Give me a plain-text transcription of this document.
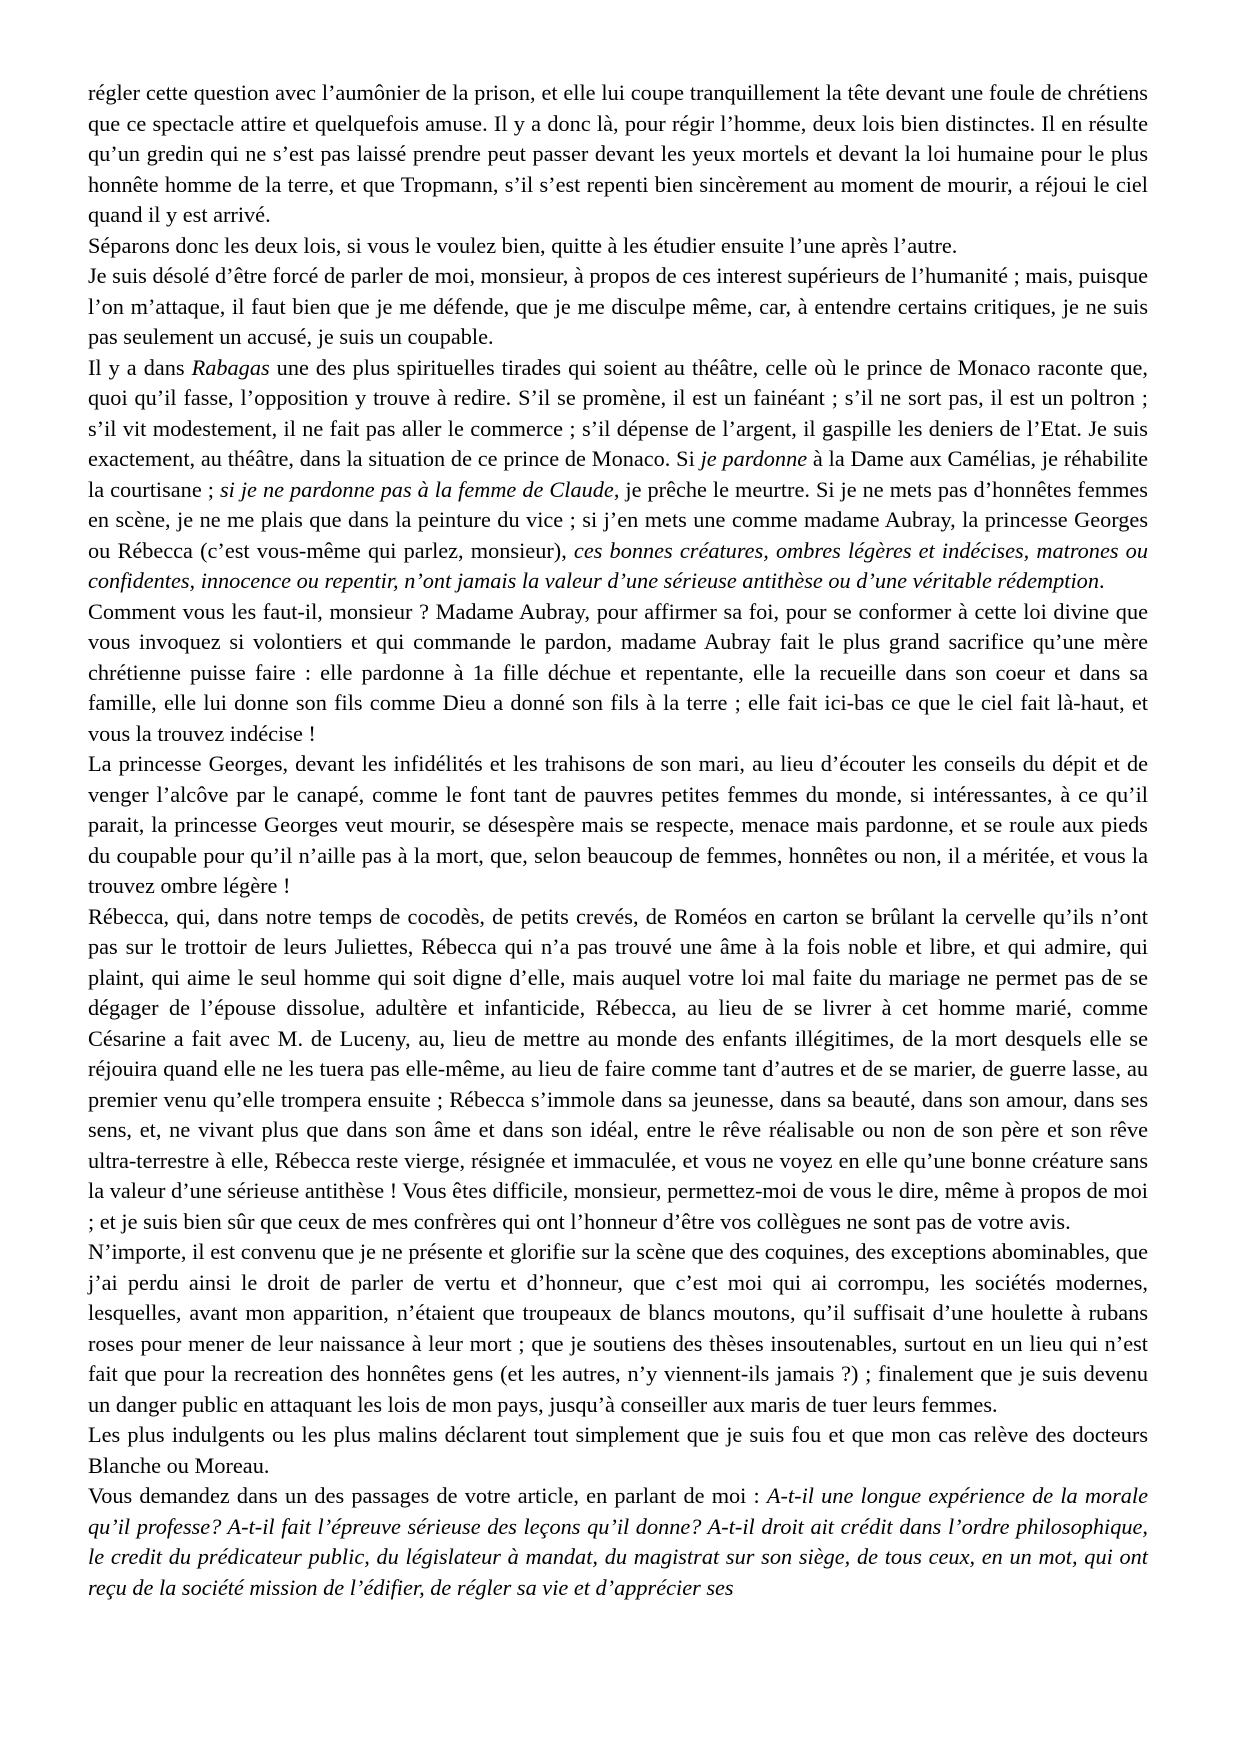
régler cette question avec l’aumônier de la prison, et elle lui coupe tranquillement la tête devant une foule de chrétiens que ce spectacle attire et quelquefois amuse. Il y a donc là, pour régir l’homme, deux lois bien distinctes. Il en résulte qu’un gredin qui ne s’est pas laissé prendre peut passer devant les yeux mortels et devant la loi humaine pour le plus honnête homme de la terre, et que Tropmann, s’il s’est repenti bien sincèrement au moment de mourir, a réjoui le ciel quand il y est arrivé.

Séparons donc les deux lois, si vous le voulez bien, quitte à les étudier ensuite l’une après l’autre.

Je suis désolé d’être forcé de parler de moi, monsieur, à propos de ces interest supérieurs de l’humanité ; mais, puisque l’on m’attaque, il faut bien que je me défende, que je me disculpe même, car, à entendre certains critiques, je ne suis pas seulement un accusé, je suis un coupable.

Il y a dans Rabagas une des plus spirituelles tirades qui soient au théâtre, celle où le prince de Monaco raconte que, quoi qu’il fasse, l’opposition y trouve à redire. S’il se promène, il est un fainéant ; s’il ne sort pas, il est un poltron ; s’il vit modestement, il ne fait pas aller le commerce ; s’il dépense de l’argent, il gaspille les deniers de l’Etat. Je suis exactement, au théâtre, dans la situation de ce prince de Monaco. Si je pardonne à la Dame aux Camélias, je réhabilite la courtisane ; si je ne pardonne pas à la femme de Claude, je prêche le meurtre. Si je ne mets pas d’honnêtes femmes en scène, je ne me plais que dans la peinture du vice ; si j’en mets une comme madame Aubray, la princesse Georges ou Rébecca (c’est vous-même qui parlez, monsieur), ces bonnes créatures, ombres légères et indécises, matrones ou confidentes, innocence ou repentir, n’ont jamais la valeur d’une sérieuse antithèse ou d’une véritable rédemption.

Comment vous les faut-il, monsieur ? Madame Aubray, pour affirmer sa foi, pour se conformer à cette loi divine que vous invoquez si volontiers et qui commande le pardon, madame Aubray fait le plus grand sacrifice qu’une mère chrétienne puisse faire : elle pardonne à 1a fille déchue et repentante, elle la recueille dans son coeur et dans sa famille, elle lui donne son fils comme Dieu a donné son fils à la terre ; elle fait ici-bas ce que le ciel fait là-haut, et vous la trouvez indécise !

La princesse Georges, devant les infidélités et les trahisons de son mari, au lieu d’écouter les conseils du dépit et de venger l’alcôve par le canapé, comme le font tant de pauvres petites femmes du monde, si intéressantes, à ce qu’il parait, la princesse Georges veut mourir, se désespère mais se respecte, menace mais pardonne, et se roule aux pieds du coupable pour qu’il n’aille pas à la mort, que, selon beaucoup de femmes, honnêtes ou non, il a méritée, et vous la trouvez ombre légère !

Rébecca, qui, dans notre temps de cocodès, de petits crevés, de Roméos en carton se brûlant la cervelle qu’ils n’ont pas sur le trottoir de leurs Juliettes, Rébecca qui n’a pas trouvé une âme à la fois noble et libre, et qui admire, qui plaint, qui aime le seul homme qui soit digne d’elle, mais auquel votre loi mal faite du mariage ne permet pas de se dégager de l’épouse dissolue, adultère et infanticide, Rébecca, au lieu de se livrer à cet homme marié, comme Césarine a fait avec M. de Luceny, au, lieu de mettre au monde des enfants illégitimes, de la mort desquels elle se réjouira quand elle ne les tuera pas elle-même, au lieu de faire comme tant d’autres et de se marier, de guerre lasse, au premier venu qu’elle trompera ensuite ; Rébecca s’immole dans sa jeunesse, dans sa beauté, dans son amour, dans ses sens, et, ne vivant plus que dans son âme et dans son idéal, entre le rêve réalisable ou non de son père et son rêve ultra-terrestre à elle, Rébecca reste vierge, résignée et immaculée, et vous ne voyez en elle qu’une bonne créature sans la valeur d’une sérieuse antithèse ! Vous êtes difficile, monsieur, permettez-moi de vous le dire, même à propos de moi ; et je suis bien sûr que ceux de mes confrères qui ont l’honneur d’être vos collègues ne sont pas de votre avis.

N’importe, il est convenu que je ne présente et glorifie sur la scène que des coquines, des exceptions abominables, que j’ai perdu ainsi le droit de parler de vertu et d’honneur, que c’est moi qui ai corrompu, les sociétés modernes, lesquelles, avant mon apparition, n’étaient que troupeaux de blancs moutons, qu’il suffisait d’une houlette à rubans roses pour mener de leur naissance à leur mort ; que je soutiens des thèses insoutenables, surtout en un lieu qui n’est fait que pour la recreation des honnêtes gens (et les autres, n’y viennent-ils jamais ?) ; finalement que je suis devenu un danger public en attaquant les lois de mon pays, jusqu’à conseiller aux maris de tuer leurs femmes.

Les plus indulgents ou les plus malins déclarent tout simplement que je suis fou et que mon cas relève des docteurs Blanche ou Moreau.

Vous demandez dans un des passages de votre article, en parlant de moi : A-t-il une longue expérience de la morale qu’il professe? A-t-il fait l’épreuve sérieuse des leçons qu’il donne? A-t-il droit ait crédit dans l’ordre philosophique, le credit du prédicateur public, du législateur à mandat, du magistrat sur son siège, de tous ceux, en un mot, qui ont reçu de la société mission de l’édifier, de régler sa vie et d’apprécier ses
